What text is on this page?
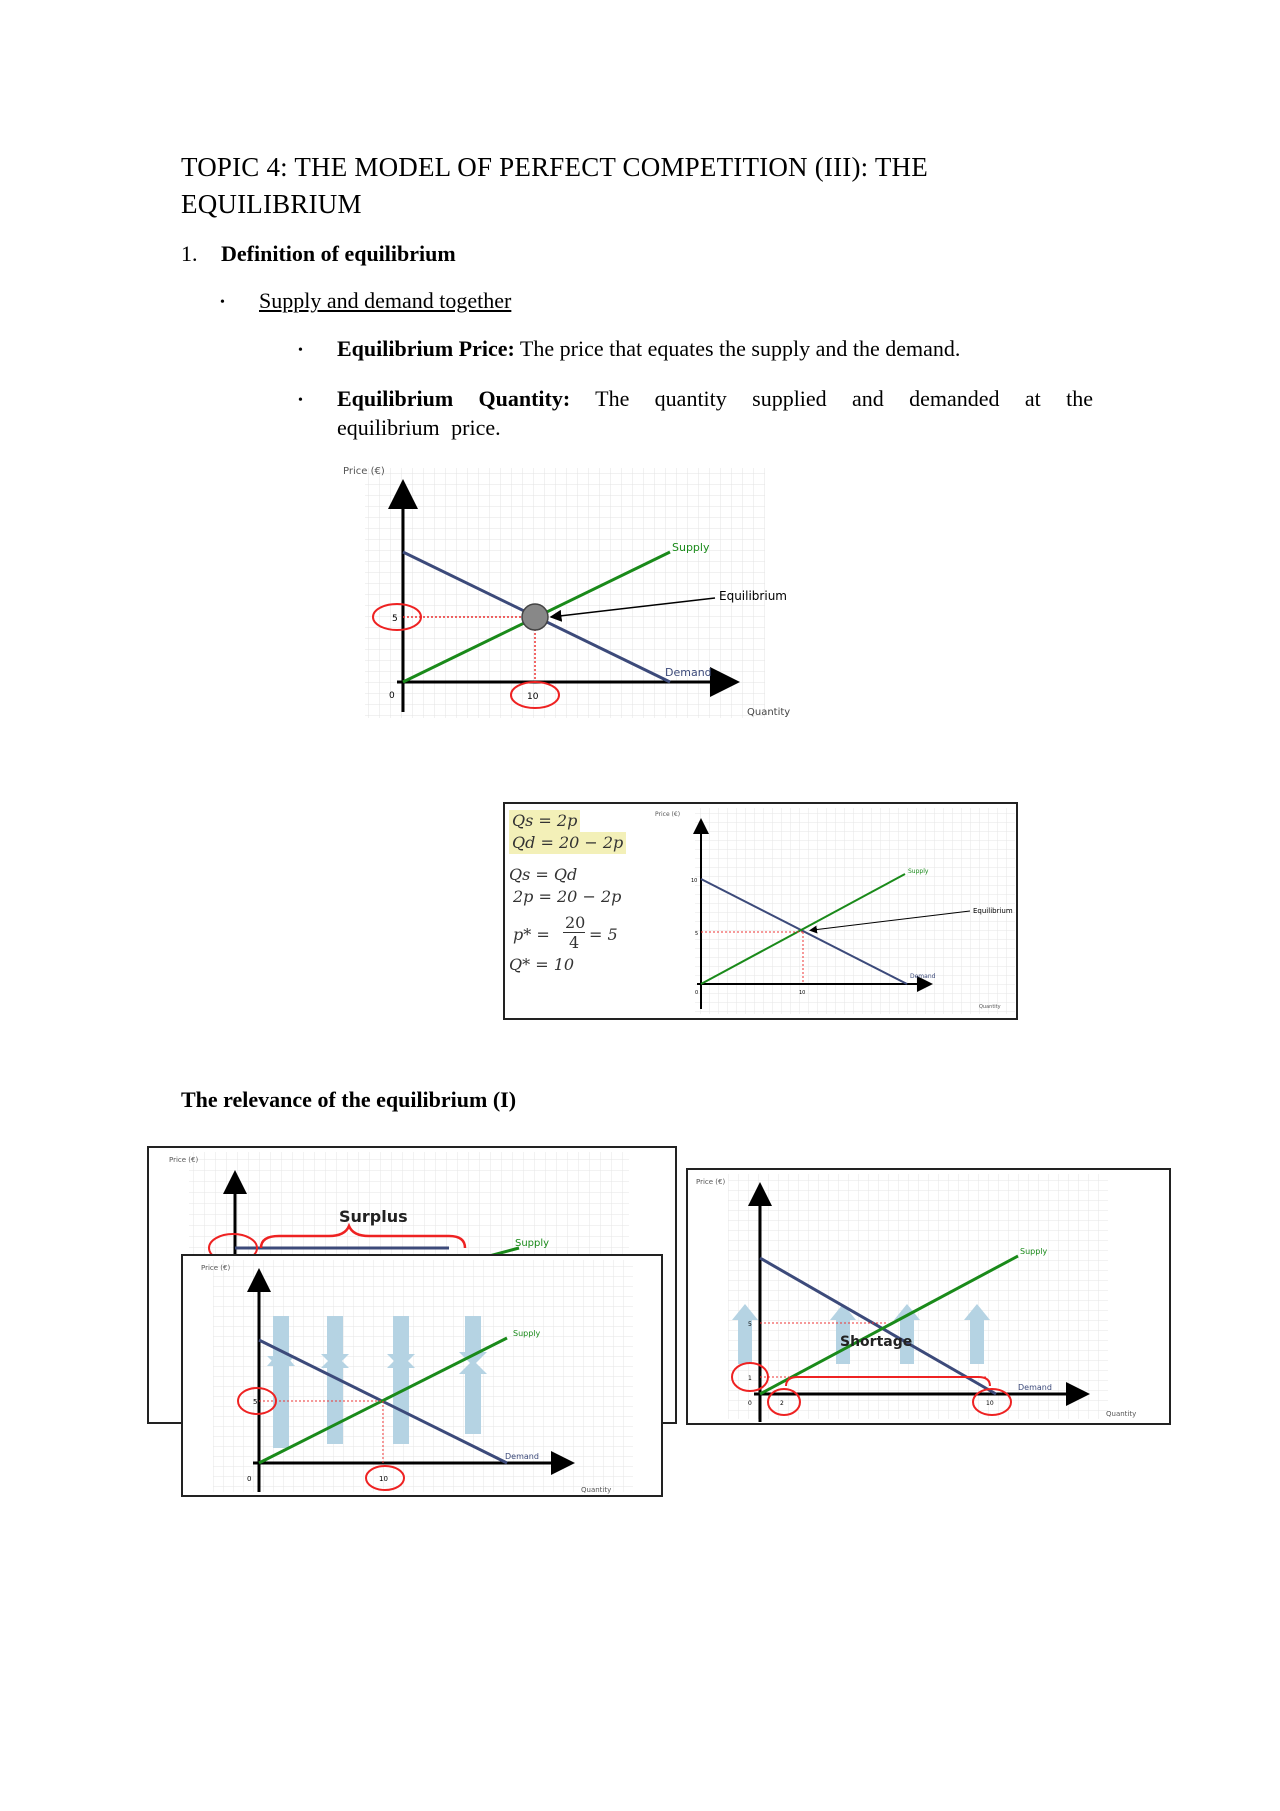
TOPIC 4: THE MODEL OF PERFECT COMPETITION (III): THE EQUILIBRIUM
1. Definition of equilibrium
• Supply and demand together
• Equilibrium Price: The price that equates the supply and the demand.
• Equilibrium Quantity: The quantity supplied and demanded at the equilibrium price.
Price (€)
5
10
0
Supply
Equilibrium
Demand
Quantity
Qs = 2p
Qd = 20 − 2p
Qs = Qd
2p = 20 − 2p
p* =
20
4 = 5
Q* = 10
Price (€)
10
5
10
0
Supply
Equilibrium
Demand
Quantity
The relevance of the equilibrium (I)
Price (€)
Surplus
Supply
Price (€)
5
10
0
Supply
Demand
Quantity
Price (€)
Shortage
5
1
2	10
0
Supply
Demand
Quantity
